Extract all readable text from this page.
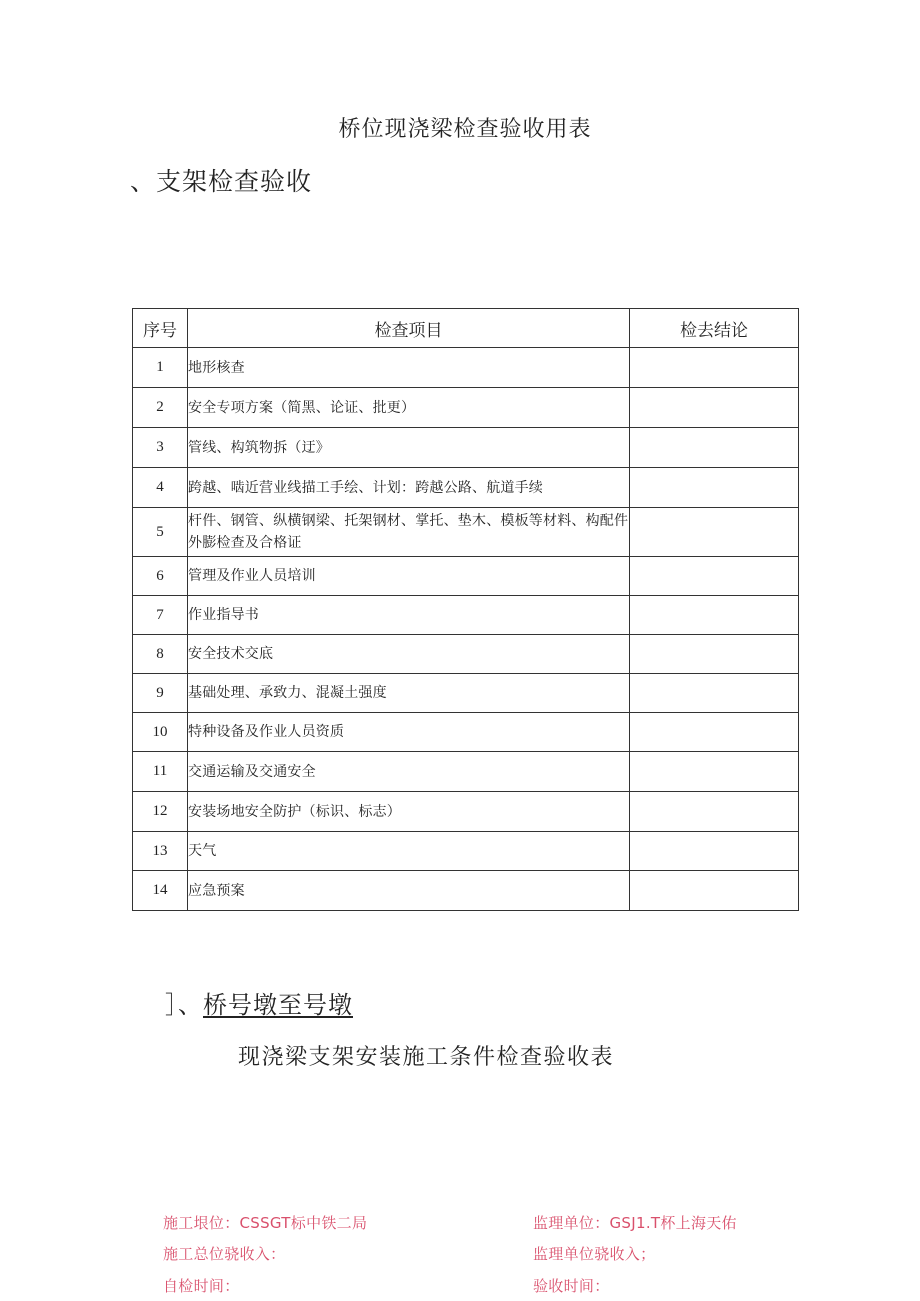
桥位现浇梁检查验收用表
、支架检查验收
序号	检查项目	检去结论
1	地形核查	
2	安全专项方案（简黑、论证、批更）	
3	管线、构筑物拆（迂》	
4	跨越、啮近营业线描工手绘、计划：跨越公路、航道手续	
5	杆件、钢管、纵横钢梁、托架钢材、掌托、垫木、模板等材料、构配件外膨检查及合格证	
6	管理及作业人员培训	
7	作业指导书	
8	安全技术交底	
9	基础处理、承致力、混凝土强度	
10	特种设备及作业人员资质	
11	交通运输及交通安全	
12	安装场地安全防护（标识、标志）	
13	天气	
14	应急预案	
］、桥号墩至号墩
现浇梁支架安装施工条件检查验收表
施工垠位：CSSGT标中铁二局	监理单位：GSJ1.T杯上海天佑
施工总位骁收入：	监理单位骁收入；
自检时间：	验收时间：
